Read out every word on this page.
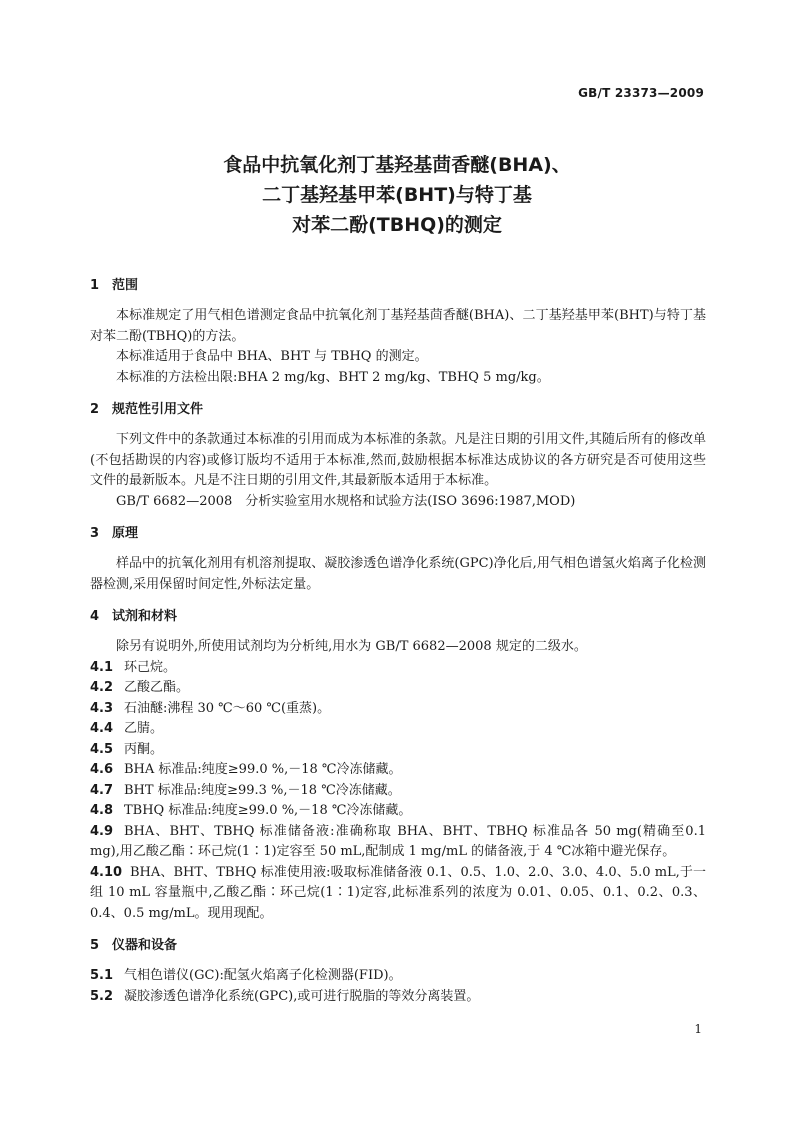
GB/T 23373—2009
食品中抗氧化剂丁基羟基茴香醚(BHA)、
二丁基羟基甲苯(BHT)与特丁基
对苯二酚(TBHQ)的测定
1 范围
本标准规定了用气相色谱测定食品中抗氧化剂丁基羟基茴香醚(BHA)、二丁基羟基甲苯(BHT)与特丁基对苯二酚(TBHQ)的方法。
本标准适用于食品中 BHA、BHT 与 TBHQ 的测定。
本标准的方法检出限:BHA 2 mg/kg、BHT 2 mg/kg、TBHQ 5 mg/kg。
2 规范性引用文件
下列文件中的条款通过本标准的引用而成为本标准的条款。凡是注日期的引用文件,其随后所有的修改单(不包括勘误的内容)或修订版均不适用于本标准,然而,鼓励根据本标准达成协议的各方研究是否可使用这些文件的最新版本。凡是不注日期的引用文件,其最新版本适用于本标准。
GB/T 6682—2008　分析实验室用水规格和试验方法(ISO 3696:1987,MOD)
3 原理
样品中的抗氧化剂用有机溶剂提取、凝胶渗透色谱净化系统(GPC)净化后,用气相色谱氢火焰离子化检测器检测,采用保留时间定性,外标法定量。
4 试剂和材料
除另有说明外,所使用试剂均为分析纯,用水为 GB/T 6682—2008 规定的二级水。
4.1 环己烷。
4.2 乙酸乙酯。
4.3 石油醚:沸程 30 ℃～60 ℃(重蒸)。
4.4 乙腈。
4.5 丙酮。
4.6 BHA 标准品:纯度≥99.0 %,－18 ℃冷冻储藏。
4.7 BHT 标准品:纯度≥99.3 %,－18 ℃冷冻储藏。
4.8 TBHQ 标准品:纯度≥99.0 %,－18 ℃冷冻储藏。
4.9 BHA、BHT、TBHQ 标准储备液:准确称取 BHA、BHT、TBHQ 标准品各 50 mg(精确至0.1 mg),用乙酸乙酯∶环己烷(1∶1)定容至 50 mL,配制成 1 mg/mL 的储备液,于 4 ℃冰箱中避光保存。
4.10 BHA、BHT、TBHQ 标准使用液:吸取标准储备液 0.1、0.5、1.0、2.0、3.0、4.0、5.0 mL,于一组 10 mL 容量瓶中,乙酸乙酯∶环己烷(1∶1)定容,此标准系列的浓度为 0.01、0.05、0.1、0.2、0.3、0.4、0.5 mg/mL。现用现配。
5 仪器和设备
5.1 气相色谱仪(GC):配氢火焰离子化检测器(FID)。
5.2 凝胶渗透色谱净化系统(GPC),或可进行脱脂的等效分离装置。
1
